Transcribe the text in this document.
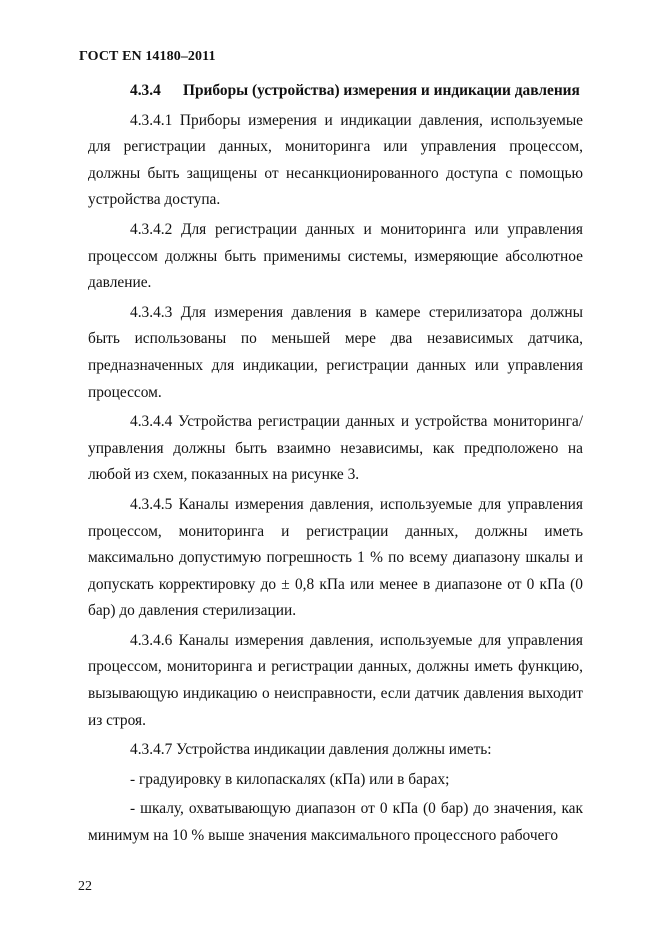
ГОСТ EN 14180–2011

4.3.4 Приборы (устройства) измерения и индикации давления

4.3.4.1 Приборы измерения и индикации давления, используемые для регистрации данных, мониторинга или управления процессом, должны быть защищены от несанкционированного доступа с помощью устройства доступа.

4.3.4.2 Для регистрации данных и мониторинга или управления процессом должны быть применимы системы, измеряющие абсолютное давление.

4.3.4.3 Для измерения давления в камере стерилизатора должны быть использованы по меньшей мере два независимых датчика, предназначенных для индикации, регистрации данных или управления процессом.

4.3.4.4 Устройства регистрации данных и устройства мониторинга/управления должны быть взаимно независимы, как предположено на любой из схем, показанных на рисунке 3.

4.3.4.5 Каналы измерения давления, используемые для управления процессом, мониторинга и регистрации данных, должны иметь максимально допустимую погрешность 1 % по всему диапазону шкалы и допускать корректировку до ± 0,8 кПа или менее в диапазоне от 0 кПа (0 бар) до давления стерилизации.

4.3.4.6 Каналы измерения давления, используемые для управления процессом, мониторинга и регистрации данных, должны иметь функцию, вызывающую индикацию о неисправности, если датчик давления выходит из строя.

4.3.4.7 Устройства индикации давления должны иметь:

- градуировку в килопаскалях (кПа) или в барах;

- шкалу, охватывающую диапазон от 0 кПа (0 бар) до значения, как минимум на 10 % выше значения максимального процессного рабочего

22
